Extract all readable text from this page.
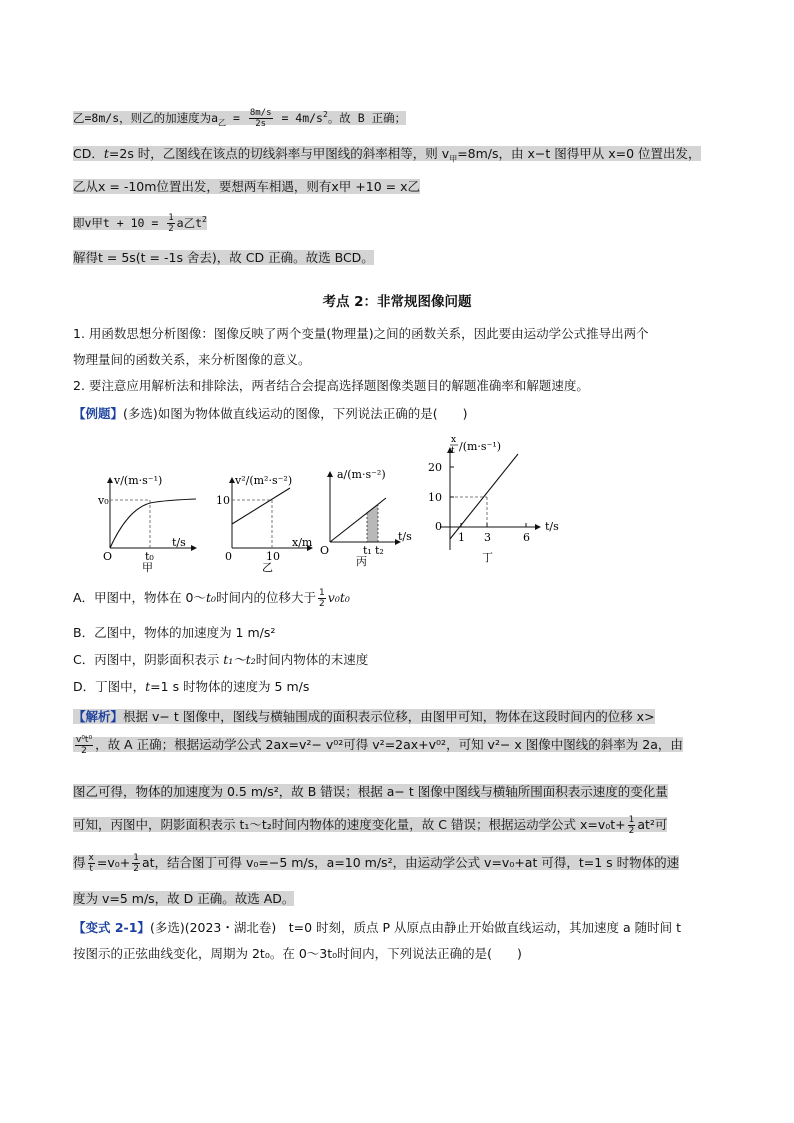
乙=8m/s，则乙的加速度为$a_乙 = \frac{8m/s}{2s} = 4m/s^2$。故 B 正确；
CD．t=2s 时，乙图线在该点的切线斜率与甲图线的斜率相等，则 $v_甲=8m/s$，由 x−t 图得甲从 x=0 位置出发，
乙从x = -10m位置出发，要想两车相遇，则有x甲 +10 = x乙
即v甲$t + 10 = \frac{1}{2}$ a乙$t^2$
解得t = 5s(t = -1s 舍去)，故 CD 正确。故选 BCD。
考点 2：非常规图像问题
1. 用函数思想分析图像：图像反映了两个变量(物理量)之间的函数关系，因此要由运动学公式推导出两个
物理量间的函数关系，来分析图像的意义。
2. 要注意应用解析法和排除法，两者结合会提高选择题图像类题目的解题准确率和解题速度。
【例题】(多选)如图为物体做直线运动的图像，下列说法正确的是(　　)
v/(m·s⁻¹)
v₀
O	t₀
t/s
甲
v²/(m²·s⁻²)
10
0	10
x/m
乙
a/(m·s⁻²)
O	t₁ t₂
t/s
丙
x
t /(m·s⁻¹)
20
10
0
1 3	6
t/s
丁
A．甲图中，物体在 0～t₀时间内的位移大于 $\frac{1}{2} v_0t_0$
B．乙图中，物体的加速度为 1 m/s²
C．丙图中，阴影面积表示 t₁～t₂时间内物体的末速度
D．丁图中，t=1 s 时物体的速度为 5 m/s
【解析】根据 v− t 图像中，图线与横轴围成的面积表示位移，由图甲可知，物体在这段时间内的位移 x>
$\frac{\text{v⁰t⁰}}{2}$ ，故 A 正确；根据运动学公式 2ax=v²− v⁰²可得 v²=2ax+v⁰²，可知 v²− x 图像中图线的斜率为 2a，由
图乙可得，物体的加速度为 0.5 m/s²，故 B 错误；根据 a− t 图像中图线与横轴所围面积表示速度的变化量
可知，丙图中，阴影面积表示 t₁～t₂时间内物体的速度变化量，故 C 错误；根据运动学公式 $x=v_0t+ \frac{1}{2} at^2$可
得 $\frac{x}{t} =v_0+ \frac{1}{2}$ at，结合图丁可得 v₀=−5 m/s，a=10 m/s²，由运动学公式 v=v₀+at 可得，t=1 s 时物体的速
度为 v=5 m/s，故 D 正确。故选 AD。
【变式 2-1】(多选)(2023・湖北卷)　t=0 时刻，质点 P 从原点由静止开始做直线运动，其加速度 a 随时间 t
按图示的正弦曲线变化，周期为 2t₀。在 0～3t₀时间内，下列说法正确的是(　　)
